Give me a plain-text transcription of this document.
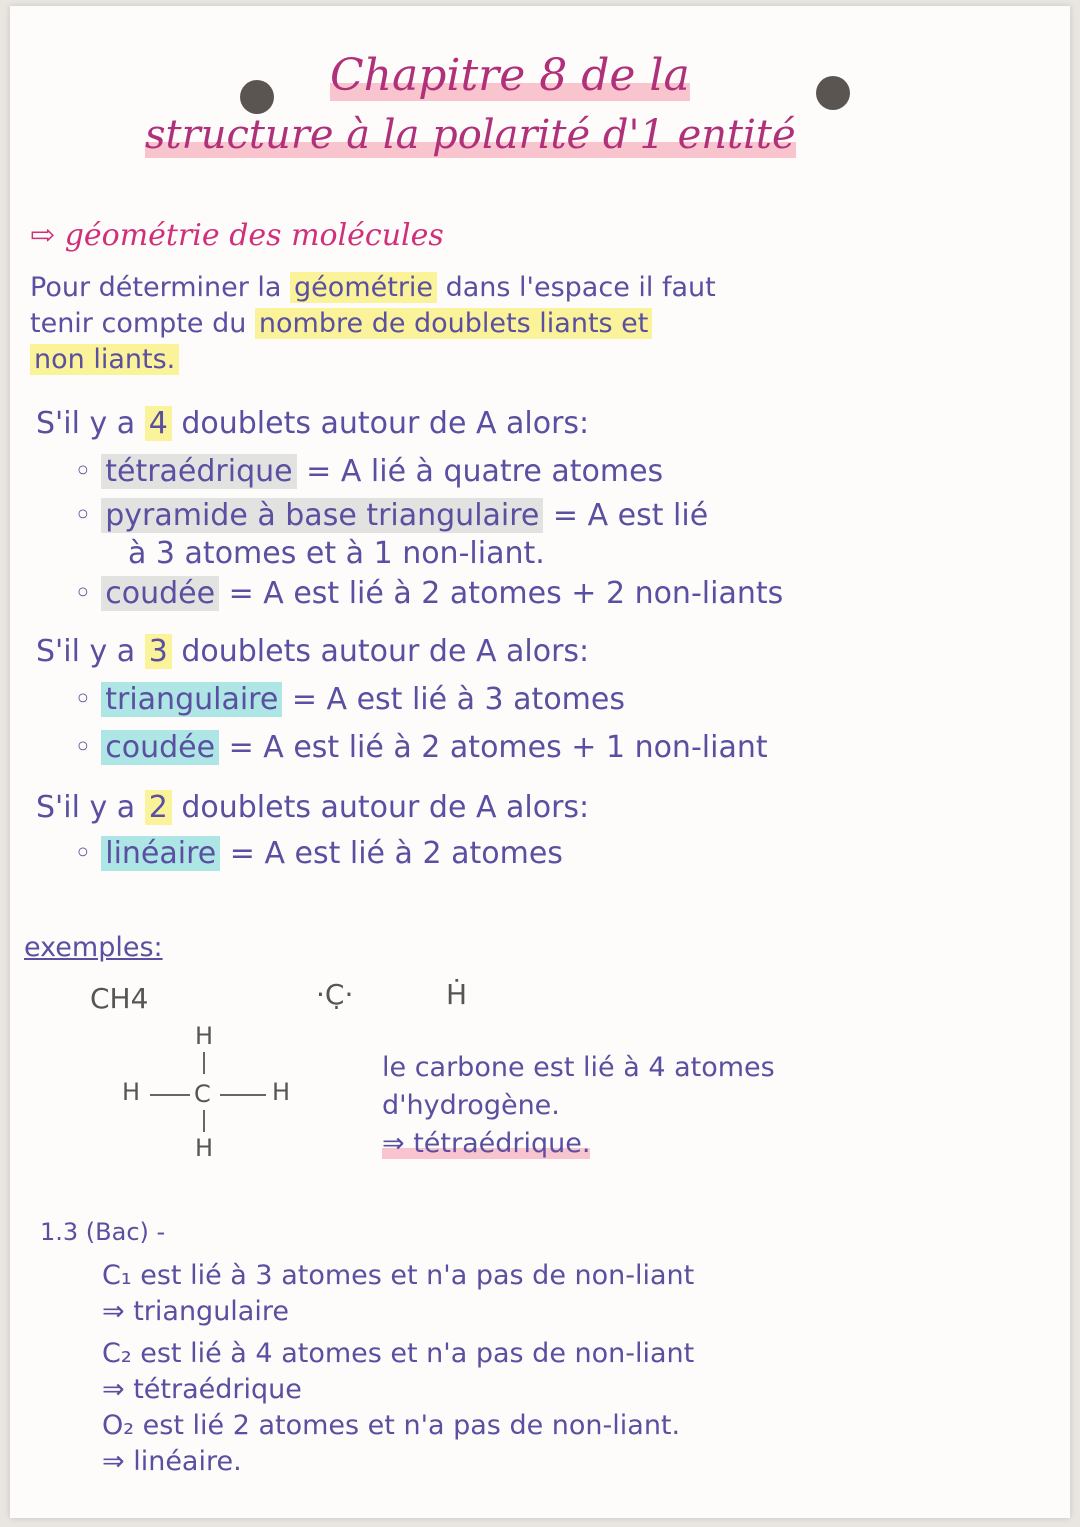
Chapitre 8 de la
structure à la polarité d'1 entité
⇨ géométrie des molécules
Pour déterminer la géométrie dans l'espace il faut
tenir compte du nombre de doublets liants et
non liants.
S'il y a 4 doublets autour de A alors:
◦ tétraédrique = A lié à quatre atomes
◦ pyramide à base triangulaire = A est lié
à 3 atomes et à 1 non-liant.
◦ coudée = A est lié à 2 atomes + 2 non-liants
S'il y a 3 doublets autour de A alors:
◦ triangulaire = A est lié à 3 atomes
◦ coudée = A est lié à 2 atomes + 1 non-liant
S'il y a 2 doublets autour de A alors:
◦ linéaire = A est lié à 2 atomes
exemples:
CH4	·C̣·	Ḣ
H
H C	H
H
le carbone est lié à 4 atomes
d'hydrogène.
⇒ tétraédrique.
1.3 (Bac) -
C₁ est lié à 3 atomes et n'a pas de non-liant
⇒ triangulaire
C₂ est lié à 4 atomes et n'a pas de non-liant
⇒ tétraédrique
O₂ est lié 2 atomes et n'a pas de non-liant.
⇒ linéaire.
